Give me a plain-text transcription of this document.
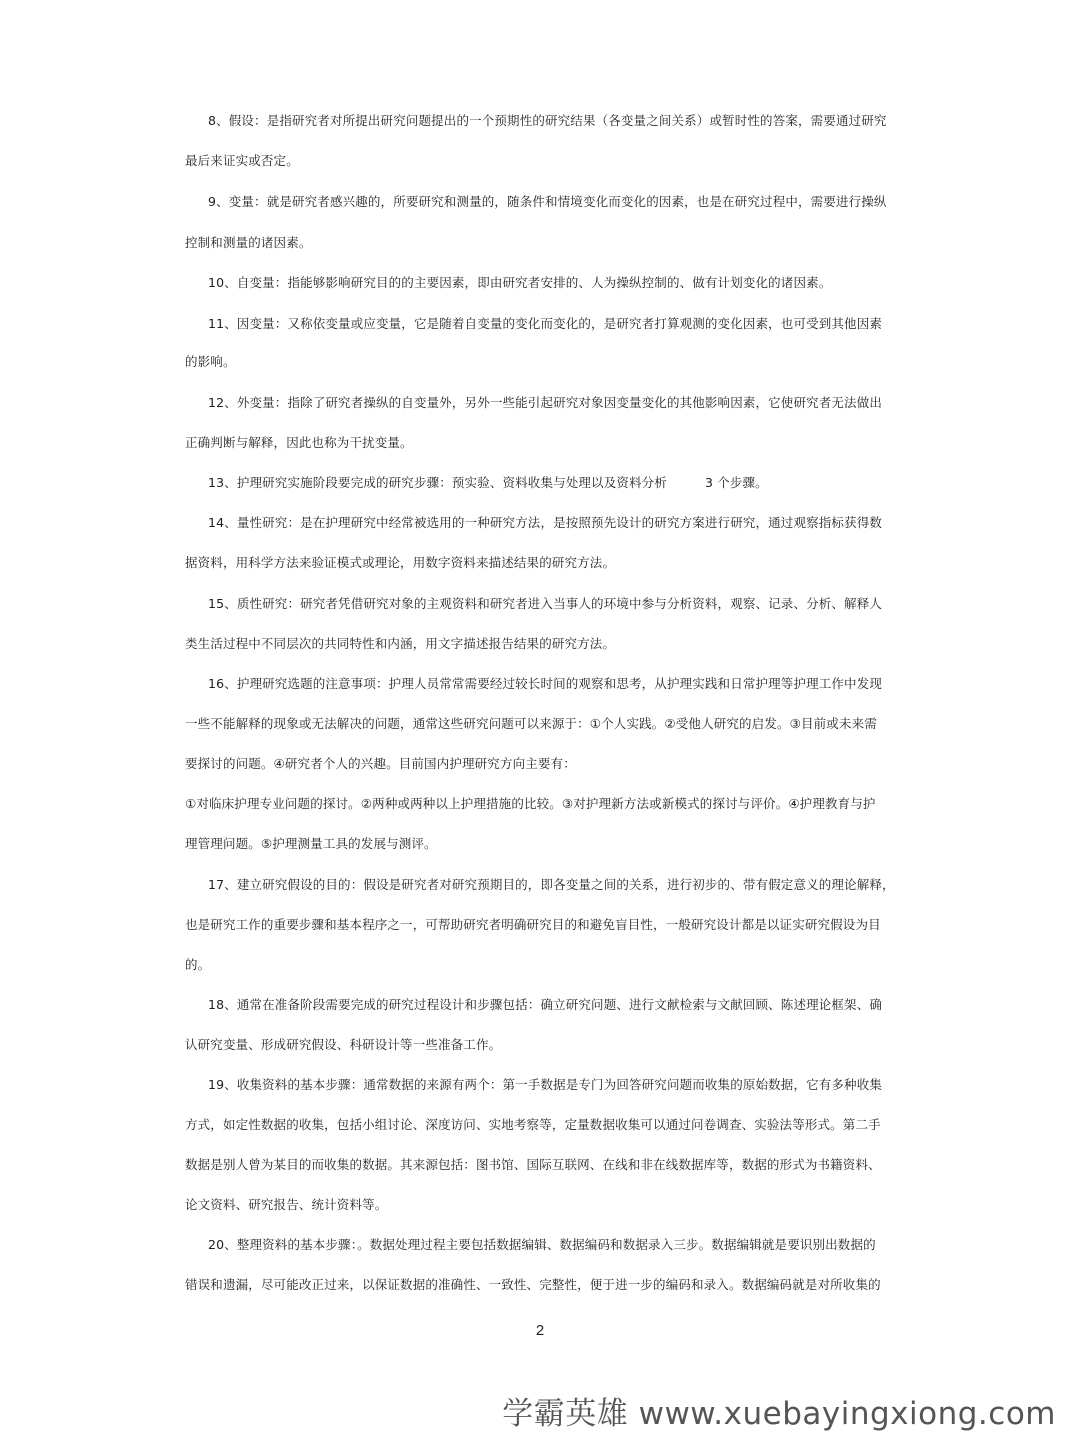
8、假设：是指研究者对所提出研究问题提出的一个预期性的研究结果（各变量之间关系）或暂时性的答案，需要通过研究
最后来证实或否定。
9、变量：就是研究者感兴趣的，所要研究和测量的，随条件和情境变化而变化的因素，也是在研究过程中，需要进行操纵
控制和测量的诸因素。
10、自变量：指能够影响研究目的的主要因素，即由研究者安排的、人为操纵控制的、做有计划变化的诸因素。
11、因变量：又称依变量或应变量，它是随着自变量的变化而变化的，是研究者打算观测的变化因素，也可受到其他因素
的影响。
12、外变量：指除了研究者操纵的自变量外，另外一些能引起研究对象因变量变化的其他影响因素，它使研究者无法做出
正确判断与解释，因此也称为干扰变量。
13、护理研究实施阶段要完成的研究步骤：预实验、资料收集与处理以及资料分析	3 个步骤。
14、量性研究：是在护理研究中经常被选用的一种研究方法，是按照预先设计的研究方案进行研究，通过观察指标获得数
据资料，用科学方法来验证模式或理论，用数字资料来描述结果的研究方法。
15、质性研究：研究者凭借研究对象的主观资料和研究者进入当事人的环境中参与分析资料，观察、记录、分析、解释人
类生活过程中不同层次的共同特性和内涵，用文字描述报告结果的研究方法。
16、护理研究选题的注意事项：护理人员常常需要经过较长时间的观察和思考，从护理实践和日常护理等护理工作中发现
一些不能解释的现象或无法解决的问题，通常这些研究问题可以来源于：①个人实践。②受他人研究的启发。③目前或未来需
要探讨的问题。④研究者个人的兴趣。目前国内护理研究方向主要有：
①对临床护理专业问题的探讨。②两种或两种以上护理措施的比较。③对护理新方法或新模式的探讨与评价。④护理教育与护
理管理问题。⑤护理测量工具的发展与测评。
17、建立研究假设的目的：假设是研究者对研究预期目的，即各变量之间的关系，进行初步的、带有假定意义的理论解释，
也是研究工作的重要步骤和基本程序之一，可帮助研究者明确研究目的和避免盲目性，一般研究设计都是以证实研究假设为目
的。
18、通常在准备阶段需要完成的研究过程设计和步骤包括：确立研究问题、进行文献检索与文献回顾、陈述理论框架、确
认研究变量、形成研究假设、科研设计等一些准备工作。
19、收集资料的基本步骤：通常数据的来源有两个：第一手数据是专门为回答研究问题而收集的原始数据，它有多种收集
方式，如定性数据的收集，包括小组讨论、深度访问、实地考察等，定量数据收集可以通过问卷调查、实验法等形式。第二手
数据是别人曾为某目的而收集的数据。其来源包括：图书馆、国际互联网、在线和非在线数据库等，数据的形式为书籍资料、
论文资料、研究报告、统计资料等。
20、整理资料的基本步骤：。数据处理过程主要包括数据编辑、数据编码和数据录入三步。数据编辑就是要识别出数据的
错误和遗漏，尽可能改正过来，以保证数据的准确性、一致性、完整性，便于进一步的编码和录入。数据编码就是对所收集的
2
学霸英雄 www.xuebayingxiong.com
